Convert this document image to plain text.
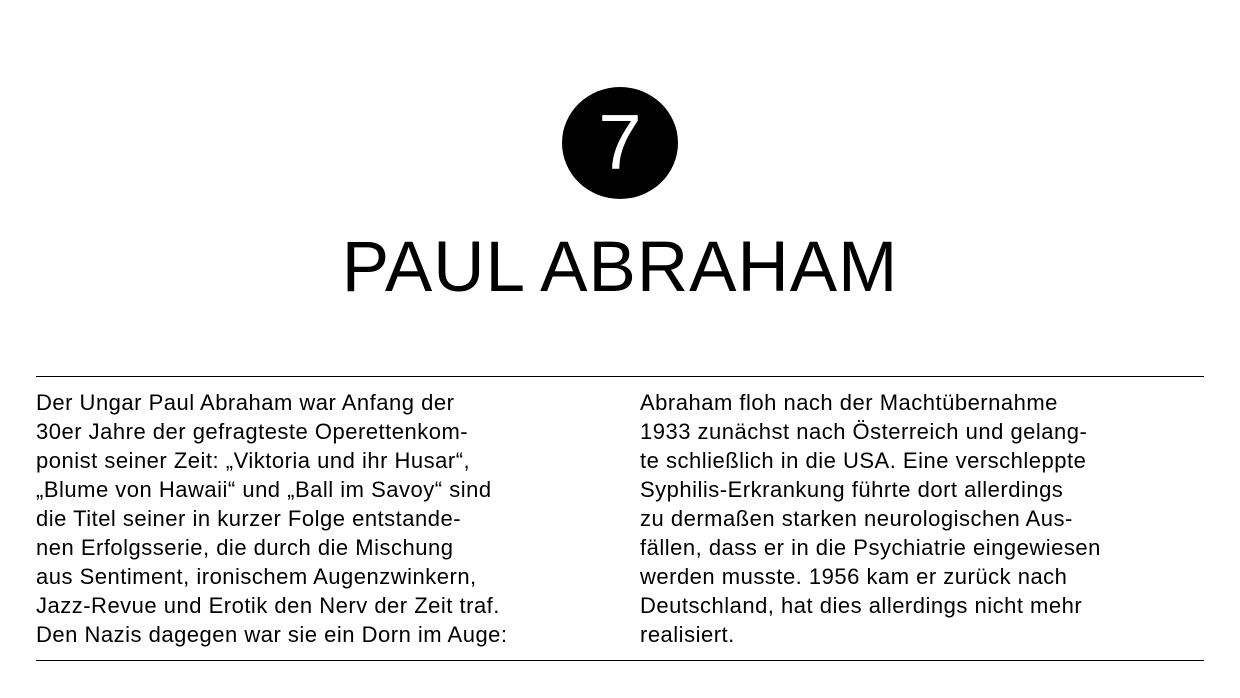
7
PAUL ABRAHAM

Der Ungar Paul Abraham war Anfang der
30er Jahre der gefragteste Operettenkom-
ponist seiner Zeit: „Viktoria und ihr Husar“,
„Blume von Hawaii“ und „Ball im Savoy“ sind
die Titel seiner in kurzer Folge entstande-
nen Erfolgsserie, die durch die Mischung
aus Sentiment, ironischem Augenzwinkern,
Jazz-Revue und Erotik den Nerv der Zeit traf.
Den Nazis dagegen war sie ein Dorn im Auge:

Abraham floh nach der Machtübernahme
1933 zunächst nach Österreich und gelang-
te schließlich in die USA. Eine verschleppte
Syphilis-Erkrankung führte dort allerdings
zu dermaßen starken neurologischen Aus-
fällen, dass er in die Psychiatrie eingewiesen
werden musste. 1956 kam er zurück nach
Deutschland, hat dies allerdings nicht mehr
realisiert.
